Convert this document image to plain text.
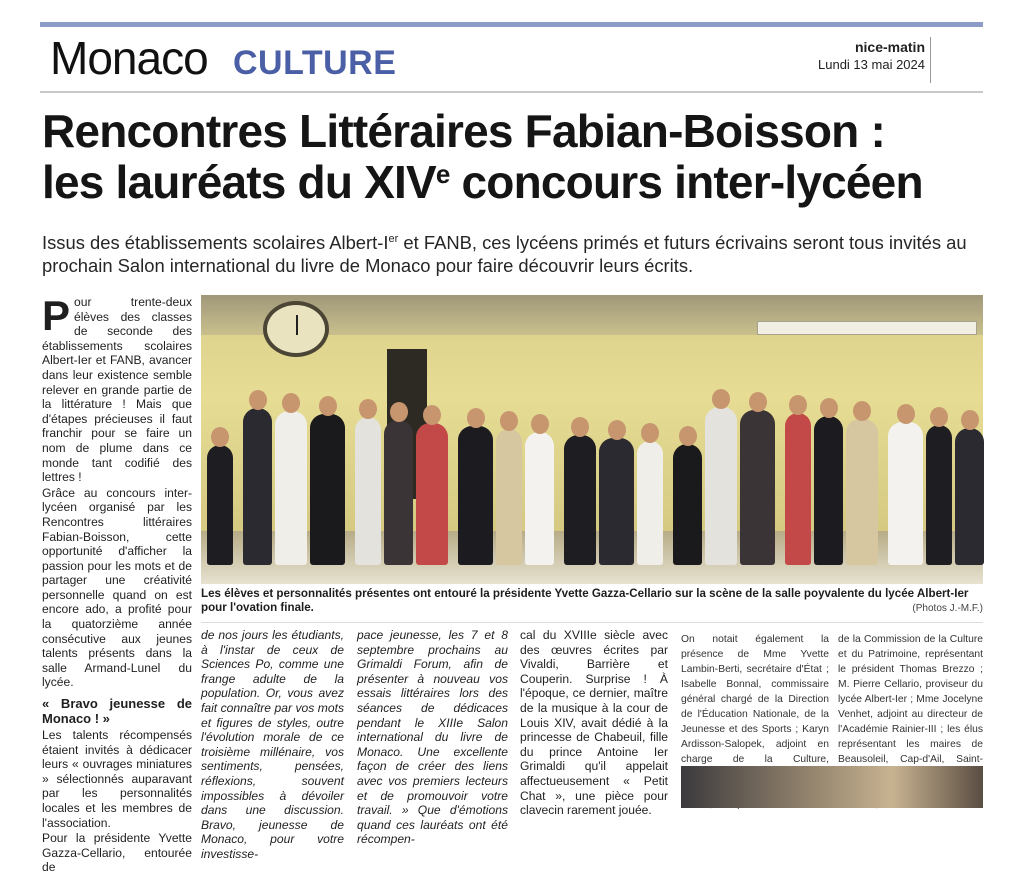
Monaco CULTURE	nice-matin
Lundi 13 mai 2024
Rencontres Littéraires Fabian-Boisson :
les lauréats du XIVe concours inter-lycéen

Issus des établissements scolaires Albert-Ier et FANB, ces lycéens primés et futurs écrivains seront tous invités au prochain Salon international du livre de Monaco pour faire découvrir leurs écrits.

Les élèves et personnalités présentes ont entouré la présidente Yvette Gazza-Cellario sur la scène de la salle poyvalente du lycée Albert-Ier pour l'ovation finale.	(Photos J.-M.F.)

Pour trente-deux élèves des classes de seconde des établissements scolaires Albert-Ier et FANB, avancer dans leur existence semble relever en grande partie de la littérature ! Mais que d'étapes précieuses il faut franchir pour se faire un nom de plume dans ce monde tant codifié des lettres !

Grâce au concours inter-lycéen organisé par les Rencontres littéraires Fabian-Boisson, cette opportunité d'afficher la passion pour les mots et de partager une créativité personnelle quand on est encore ado, a profité pour la quatorzième année consécutive aux jeunes talents présents dans la salle Armand-Lunel du lycée.

« Bravo jeunesse de Monaco ! »

Les talents récompensés étaient invités à dédicacer leurs « ouvrages miniatures » sélectionnés auparavant par les personnalités locales et les membres de l'association.

Pour la présidente Yvette Gazza-Cellario, entourée de

de nos jours les étudiants, à l'instar de ceux de Sciences Po, comme une frange adulte de la population. Or, vous avez fait connaître par vos mots et figures de styles, outre l'évolution morale de ce troisième millénaire, vos sentiments, pensées, réflexions, souvent impossibles à dévoiler dans une discussion. Bravo, jeunesse de Monaco, pour votre investisse-

pace jeunesse, les 7 et 8 septembre prochains au Grimaldi Forum, afin de présenter à nouveau vos essais littéraires lors des séances de dédicaces pendant le XIIIe Salon international du livre de Monaco. Une excellente façon de créer des liens avec vos premiers lecteurs et de promouvoir votre travail. » Que d'émotions quand ces lauréats ont été récompen-

cal du XVIIIe siècle avec des œuvres écrites par Vivaldi, Barrière et Couperin. Surprise ! À l'époque, ce dernier, maître de la musique à la cour de Louis XIV, avait dédié à la princesse de Chabeuil, fille du prince Antoine Ier Grimaldi qu'il appelait affectueusement « Petit Chat », une pièce pour clavecin rarement jouée.

On notait également la présence de Mme Yvette Lambin-Berti, secrétaire d'État ; Isabelle Bonnal, commissaire général chargé de la Direction de l'Éducation Nationale, de la Jeunesse et des Sports ; Karyn Ardisson-Salopek, adjoint en charge de la Culture,

de la Commission de la Culture et du Patrimoine, représentant le président Thomas Brezzo ; M. Pierre Cellario, proviseur du lycée Albert-Ier ; Mme Jocelyne Venhet, adjoint au directeur de l'Académie Rainier-III ; les élus représentant les maires de Beausoleil, Cap-d'Ail, Saint-
